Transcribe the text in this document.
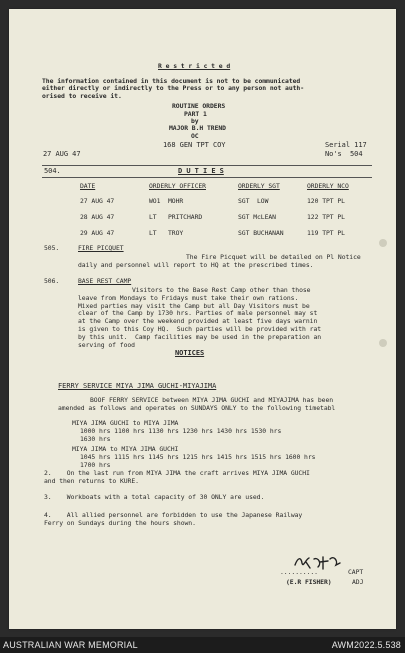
R e s t r i c t e d
The information contained in this document is not to be communicated
either directly or indirectly to the Press or to any person not auth-
orised to receive it.
ROUTINE ORDERS
PART 1
by
MAJOR B.H TREND
OC
168 GEN TPT COY
27 AUG 47
Serial 117
No's  504
504.	D U T I E S
DATE	ORDERLY OFFICER	ORDERLY SGT	ORDERLY NCO
27 AUG 47	WO1  MOHR	SGT  LOW	120 TPT PL
28 AUG 47	LT   PRITCHARD	SGT McLEAN	122 TPT PL
29 AUG 47	LT   TROY	SGT BUCHANAN	119 TPT PL
505.	FIRE PICQUET
The Fire Picquet will be detailed on Pl Notice
daily and personnel will report to HQ at the prescribed times.
506.	BASE REST CAMP
Visitors to the Base Rest Camp other than those
leave from Mondays to Fridays must take their own rations.
Mixed parties may visit the Camp but all Day Visitors must be
clear of the Camp by 1730 hrs. Parties of male personnel may st
at the Camp over the weekend provided at least five days warnin
is given to this Coy HQ.  Such parties will be provided with rat
by this unit.  Camp facilities may be used in the preparation an
serving of food
NOTICES
FERRY SERVICE MIYA JIMA GUCHI-MIYAJIMA
BOOF FERRY SERVICE between MIYA JIMA GUCHI and MIYAJIMA has been
amended as follows and operates on SUNDAYS ONLY to the following timetabl
MIYA JIMA GUCHI to MIYA JIMA
1000 hrs 1100 hrs 1130 hrs 1230 hrs 1430 hrs 1530 hrs
1630 hrs
MIYA JIMA to MIYA JIMA GUCHI
1045 hrs 1115 hrs 1145 hrs 1215 hrs 1415 hrs 1515 hrs 1600 hrs
1700 hrs
2.    On the last run from MIYA JIMA the craft arrives MIYA JIMA GUCHI
and then returns to KURE.
3.    Workboats with a total capacity of 30 ONLY are used.
4.    All allied personnel are forbidden to use the Japanese Railway
Ferry on Sundays during the hours shown.
..........	CAPT
(E.R FISHER)	ADJ
AUSTRALIAN WAR MEMORIAL	AWM2022.5.538
